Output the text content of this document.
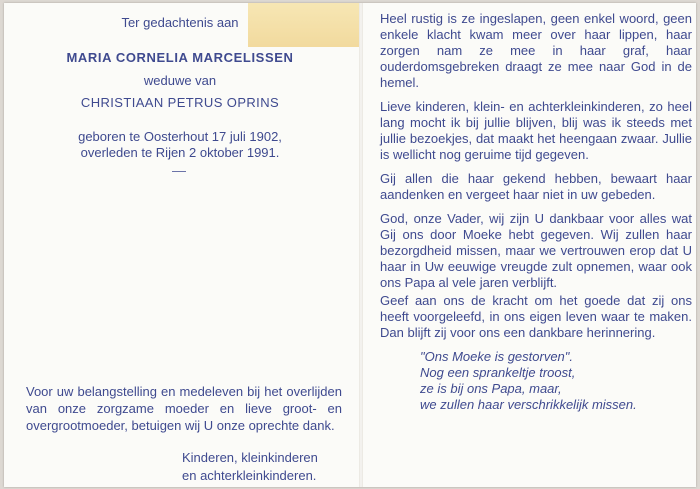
Ter gedachtenis aan
MARIA CORNELIA MARCELISSEN
weduwe van
CHRISTIAAN PETRUS OPRINS
geboren te Oosterhout 17 juli 1902,
overleden te Rijen 2 oktober 1991.
Voor uw belangstelling en medeleven bij het overlijden van onze zorgzame moeder en lieve groot- en overgrootmoeder, betuigen wij U onze oprechte dank.
Kinderen, kleinkinderen
en achterkleinkinderen.

Heel rustig is ze ingeslapen, geen enkel woord, geen enkele klacht kwam meer over haar lippen, haar zorgen nam ze mee in haar graf, haar ouderdomsgebreken draagt ze mee naar God in de hemel.

Lieve kinderen, klein- en achterkleinkinderen, zo heel lang mocht ik bij jullie blijven, blij was ik steeds met jullie bezoekjes, dat maakt het heengaan zwaar. Jullie is wellicht nog geruime tijd gegeven.

Gij allen die haar gekend hebben, bewaart haar aandenken en vergeet haar niet in uw gebeden.

God, onze Vader, wij zijn U dankbaar voor alles wat Gij ons door Moeke hebt gegeven. Wij zullen haar bezorgdheid missen, maar we vertrouwen erop dat U haar in Uw eeuwige vreugde zult opnemen, waar ook ons Papa al vele jaren verblijft.

Geef aan ons de kracht om het goede dat zij ons heeft voorgeleefd, in ons eigen leven waar te maken. Dan blijft zij voor ons een dankbare herinnering.

"Ons Moeke is gestorven".
Nog een sprankeltje troost,
ze is bij ons Papa, maar,
we zullen haar verschrikkelijk missen.
